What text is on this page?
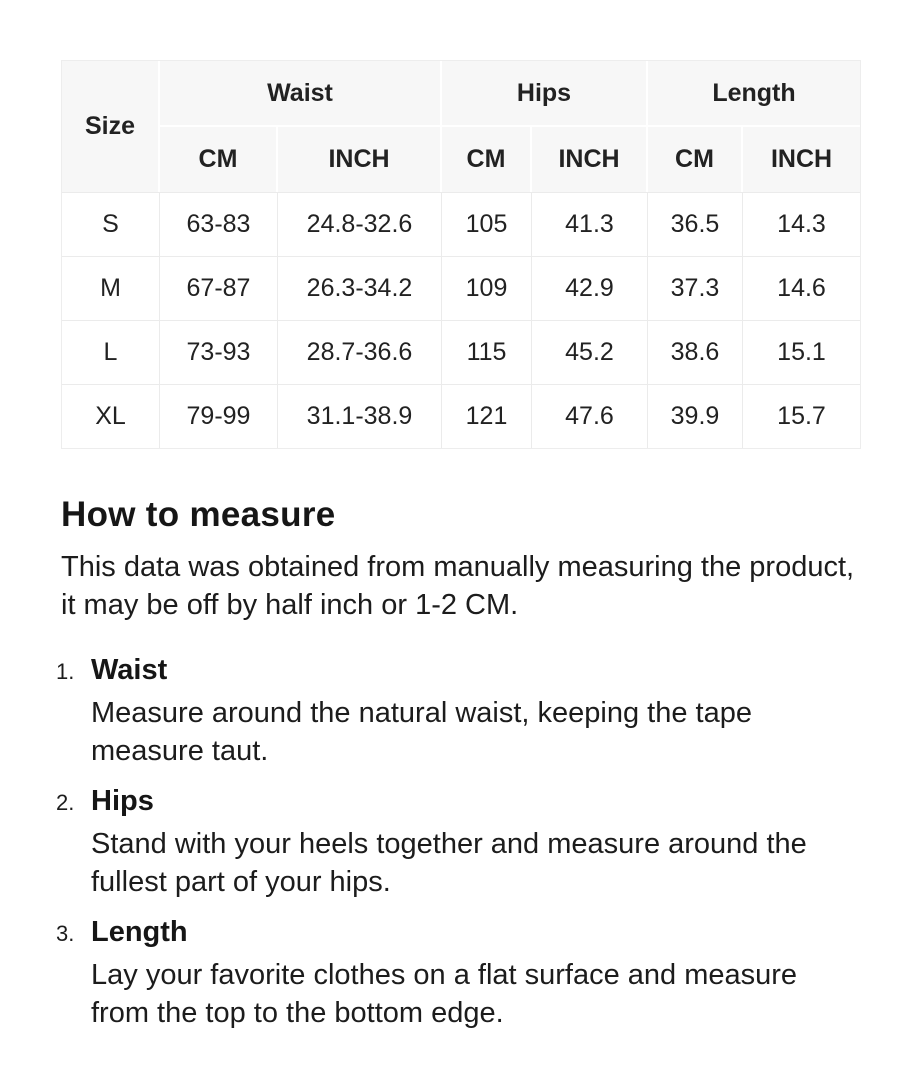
Size	Waist		Hips		Length	
	CM	INCH	CM	INCH	CM	INCH
S	63-83	24.8-32.6	105	41.3	36.5	14.3
M	67-87	26.3-34.2	109	42.9	37.3	14.6
L	73-93	28.7-36.6	115	45.2	38.6	15.1
XL	79-99	31.1-38.9	121	47.6	39.9	15.7
How to measure

This data was obtained from manually measuring the product, it may be off by half inch or 1-2 CM.

1. Waist

Measure around the natural waist, keeping the tape measure taut.

2. Hips

Stand with your heels together and measure around the fullest part of your hips.

3. Length

Lay your favorite clothes on a flat surface and measure from the top to the bottom edge.
